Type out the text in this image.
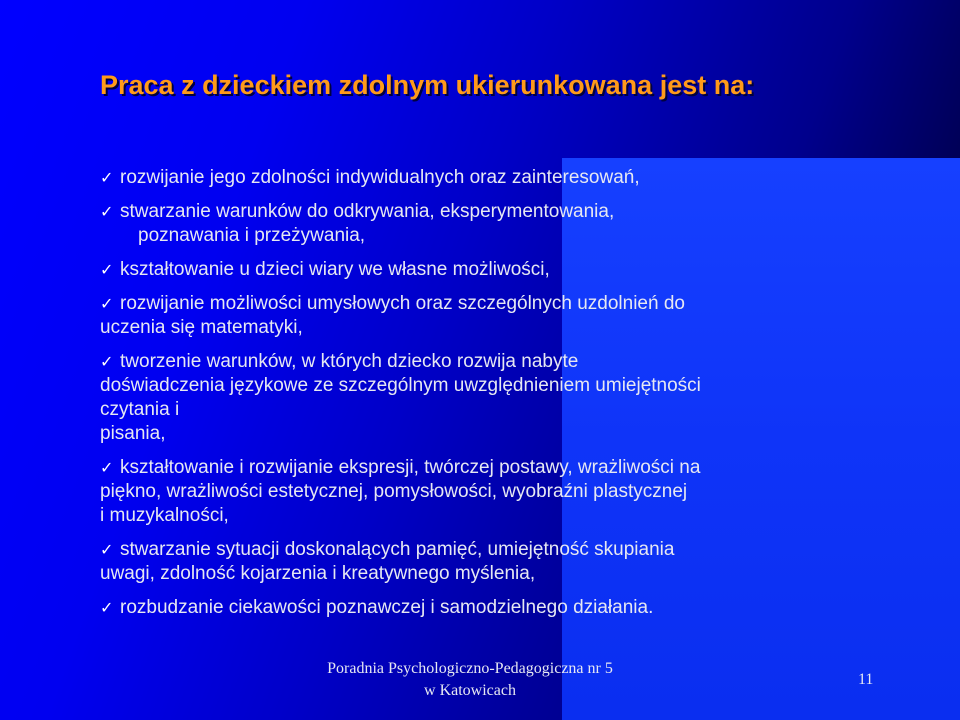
Praca z dzieckiem zdolnym ukierunkowana jest na:
✓ rozwijanie jego zdolności indywidualnych oraz zainteresowań,
✓ stwarzanie warunków do odkrywania, eksperymentowania,
poznawania i przeżywania,
✓ kształtowanie u dzieci wiary we własne możliwości,
✓ rozwijanie możliwości umysłowych oraz szczególnych uzdolnień do
uczenia się matematyki,
✓ tworzenie warunków, w których dziecko rozwija nabyte
doświadczenia językowe ze szczególnym uwzględnieniem umiejętności
czytania i
pisania,
✓ kształtowanie i rozwijanie ekspresji, twórczej postawy, wrażliwości na
piękno, wrażliwości estetycznej, pomysłowości, wyobraźni plastycznej
i muzykalności,
✓ stwarzanie sytuacji doskonalących pamięć, umiejętność skupiania
uwagi, zdolność kojarzenia i kreatywnego myślenia,
✓ rozbudzanie ciekawości poznawczej i samodzielnego działania.
Poradnia Psychologiczno-Pedagogiczna nr 5
w Katowicach
11
